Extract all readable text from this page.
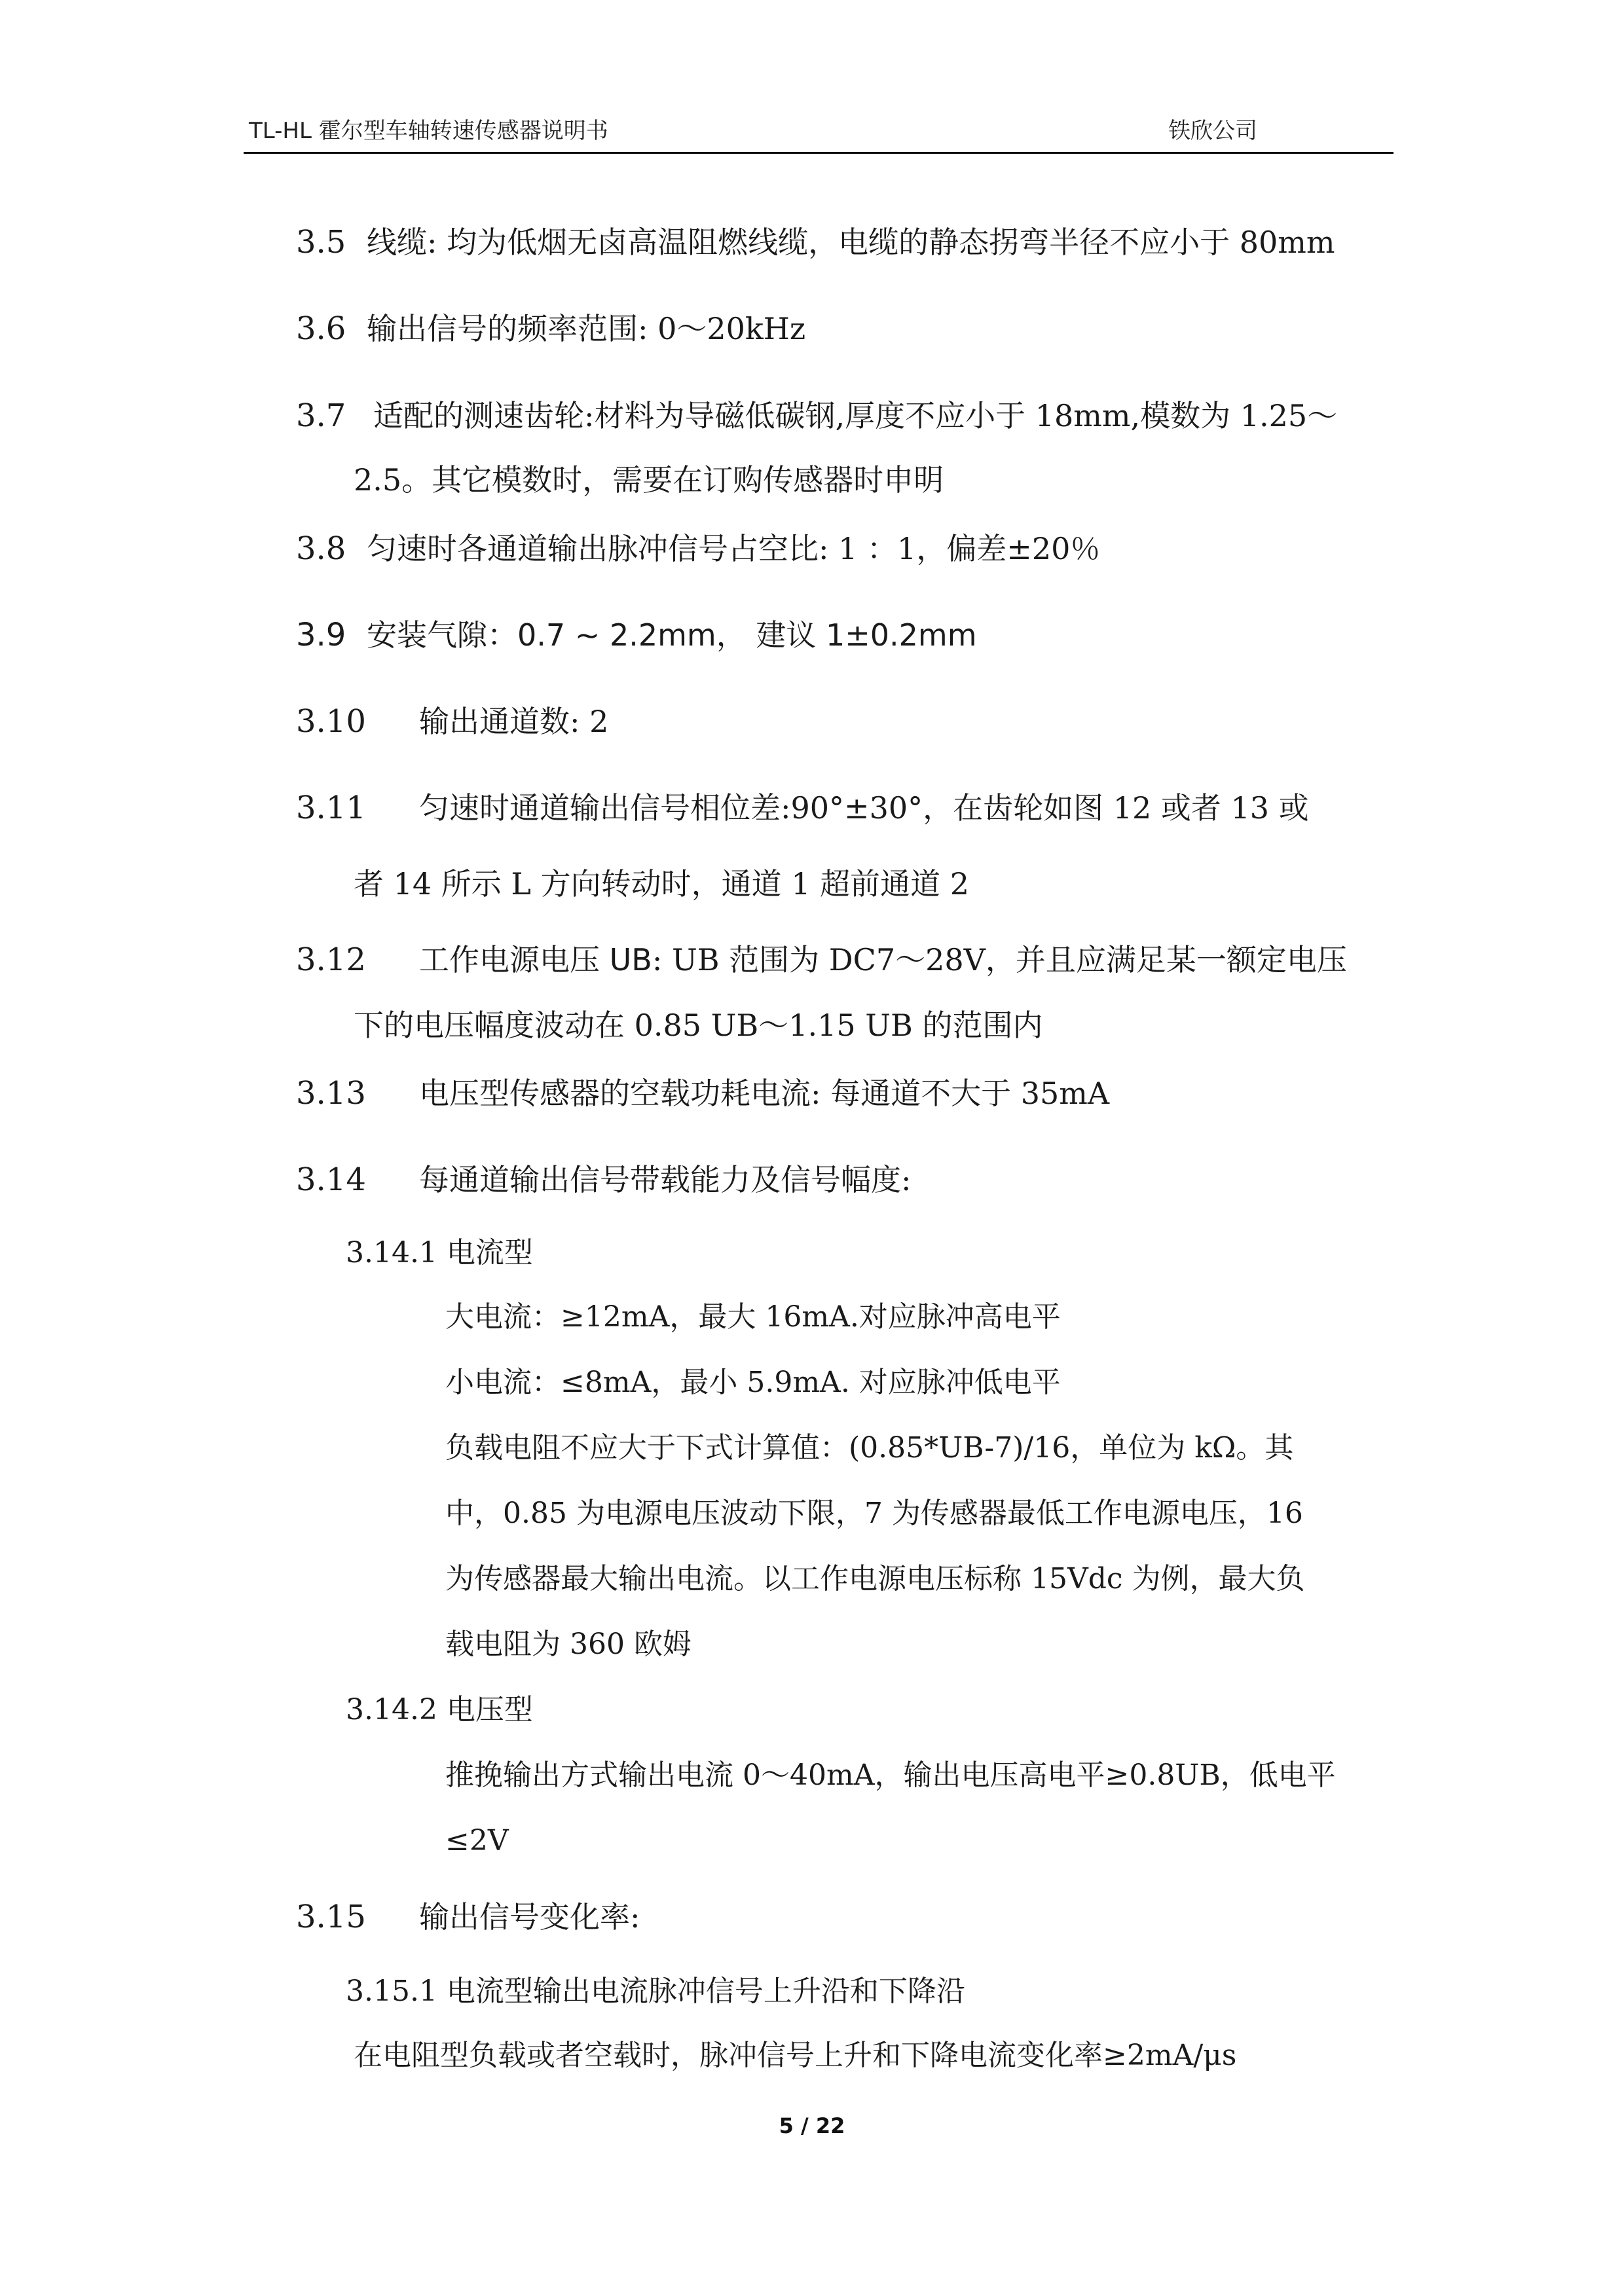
TL-HL 霍尔型车轴转速传感器说明书	铁欣公司
3.5 线缆: 均为低烟无卤高温阻燃线缆，电缆的静态拐弯半径不应小于 80mm
3.6 输出信号的频率范围: 0～20kHz
3.7 适配的测速齿轮:材料为导磁低碳钢,厚度不应小于 18mm,模数为 1.25～
2.5。其它模数时，需要在订购传感器时申明
3.8 匀速时各通道输出脉冲信号占空比: 1 ：1，偏差±20％
3.9 安装气隙：0.7 ~ 2.2mm， 建议 1±0.2mm
3.10 输出通道数: 2
3.11 匀速时通道输出信号相位差:90°±30°，在齿轮如图 12 或者 13 或
者 14 所示 L 方向转动时，通道 1 超前通道 2
3.12 工作电源电压 UB: UB 范围为 DC7～28V，并且应满足某一额定电压
下的电压幅度波动在 0.85 UB～1.15 UB 的范围内
3.13 电压型传感器的空载功耗电流: 每通道不大于 35mA
3.14 每通道输出信号带载能力及信号幅度:
3.14.1 电流型
大电流：≥12mA，最大 16mA.对应脉冲高电平
小电流：≤8mA，最小 5.9mA. 对应脉冲低电平
负载电阻不应大于下式计算值：(0.85*UB-7)/16，单位为 kΩ。其
中，0.85 为电源电压波动下限，7 为传感器最低工作电源电压，16
为传感器最大输出电流。以工作电源电压标称 15Vdc 为例，最大负
载电阻为 360 欧姆
3.14.2 电压型
推挽输出方式输出电流 0～40mA，输出电压高电平≥0.8UB，低电平
≤2V
3.15 输出信号变化率:
3.15.1 电流型输出电流脉冲信号上升沿和下降沿
在电阻型负载或者空载时，脉冲信号上升和下降电流变化率≥2mA/μs
5 / 22
